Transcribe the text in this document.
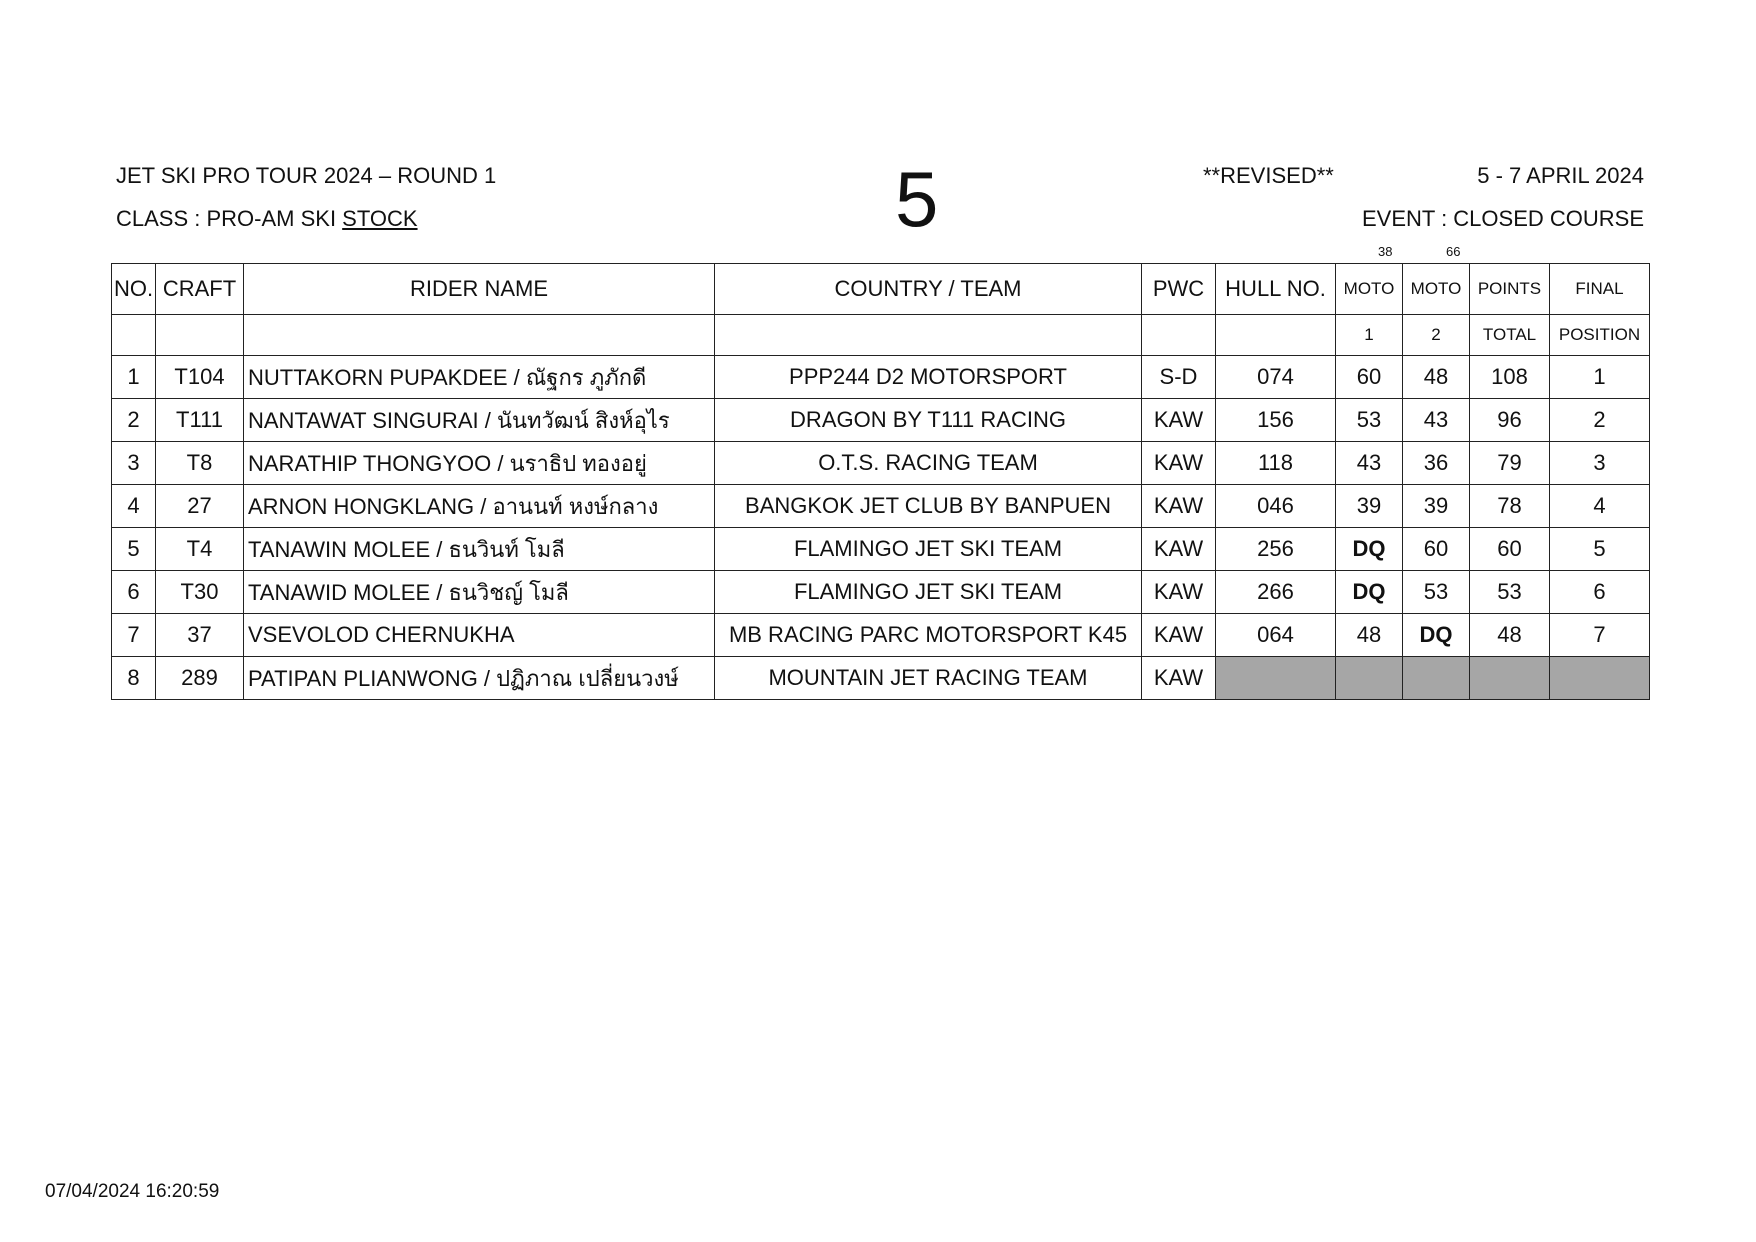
JET SKI PRO TOUR 2024 – ROUND 1	**REVISED**	5 - 7 APRIL 2024
CLASS : PRO-AM SKI STOCK	EVENT : CLOSED COURSE
5
38	66
NO.	CRAFT	RIDER NAME	COUNTRY / TEAM	PWC	HULL NO.	MOTO	MOTO	POINTS	FINAL
						1	2	TOTAL	POSITION
1	T104	NUTTAKORN PUPAKDEE / ณัฐกร ภูภักดี	PPP244 D2 MOTORSPORT	S-D	074	60	48	108	1
2	T111	NANTAWAT SINGURAI / นันทวัฒน์ สิงห์อุไร	DRAGON BY T111 RACING	KAW	156	53	43	96	2
3	T8	NARATHIP THONGYOO / นราธิป ทองอยู่	O.T.S. RACING TEAM	KAW	118	43	36	79	3
4	27	ARNON HONGKLANG / อานนท์ หงษ์กลาง	BANGKOK JET CLUB BY BANPUEN	KAW	046	39	39	78	4
5	T4	TANAWIN MOLEE / ธนวินท์ โมลี	FLAMINGO JET SKI TEAM	KAW	256	DQ	60	60	5
6	T30	TANAWID MOLEE / ธนวิชญ์ โมลี	FLAMINGO JET SKI TEAM	KAW	266	DQ	53	53	6
7	37	VSEVOLOD CHERNUKHA	MB RACING PARC MOTORSPORT K45	KAW	064	48	DQ	48	7
8	289	PATIPAN PLIANWONG / ปฏิภาณ เปลี่ยนวงษ์	MOUNTAIN JET RACING TEAM	KAW					
07/04/2024 16:20:59
